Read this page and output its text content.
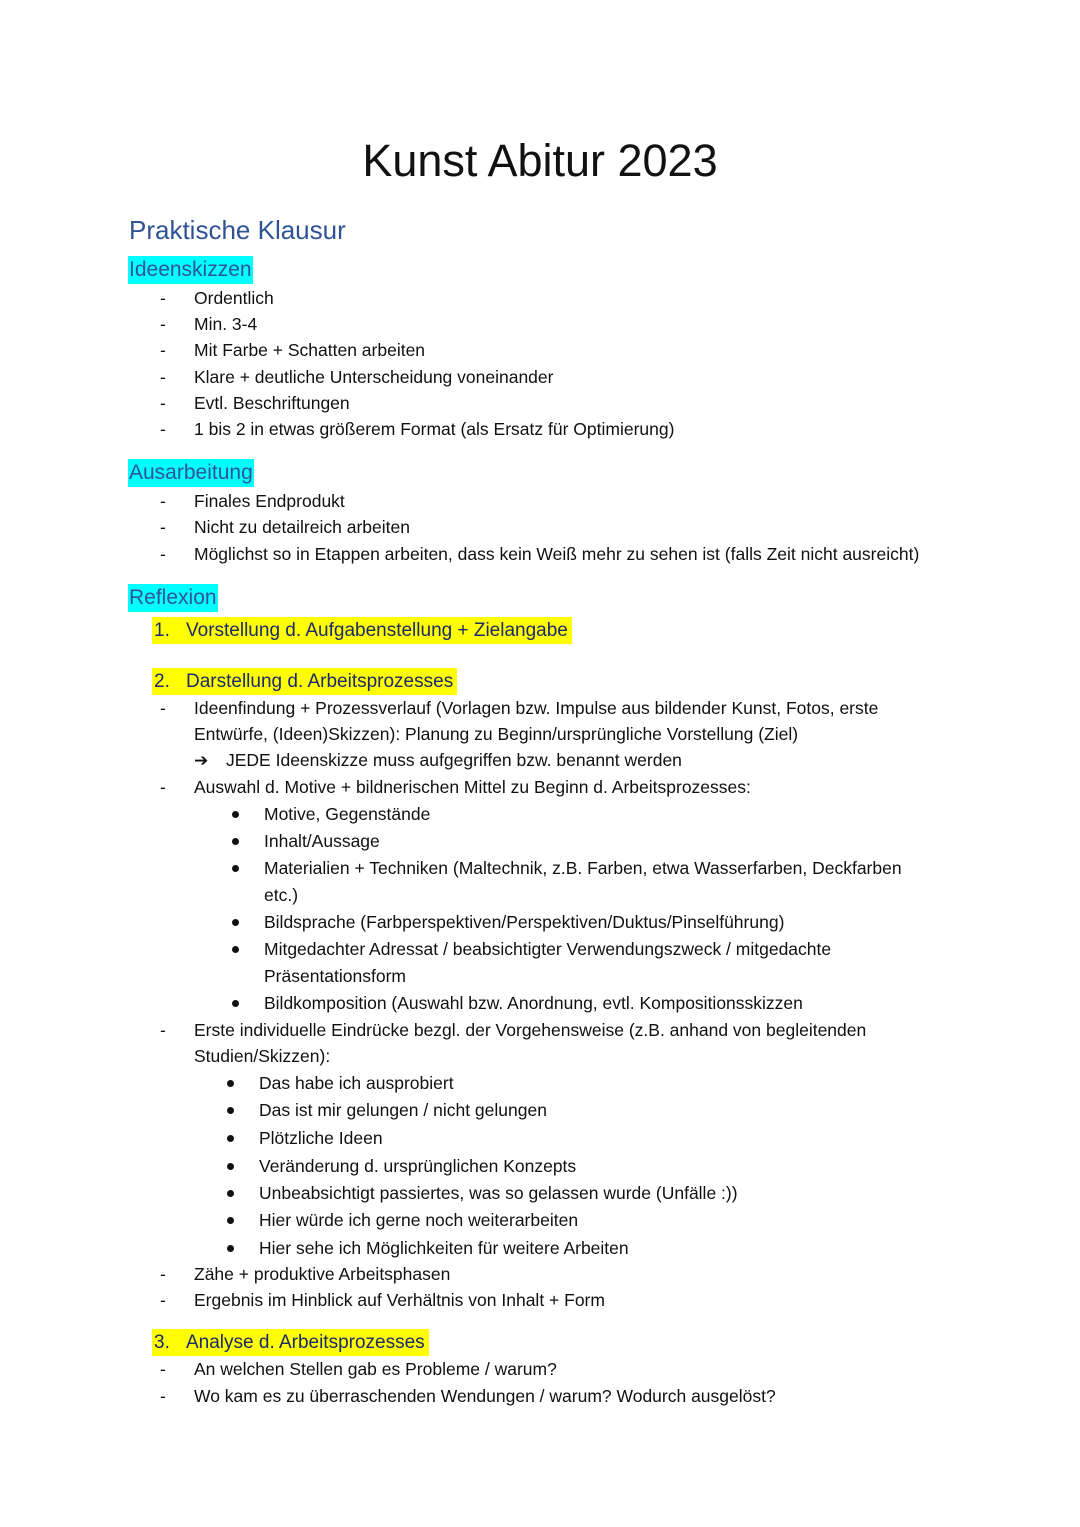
Kunst Abitur 2023
Praktische Klausur
Ideenskizzen
- Ordentlich
- Min. 3-4
- Mit Farbe + Schatten arbeiten
- Klare + deutliche Unterscheidung voneinander
- Evtl. Beschriftungen
- 1 bis 2 in etwas größerem Format (als Ersatz für Optimierung)
Ausarbeitung
- Finales Endprodukt
- Nicht zu detailreich arbeiten
- Möglichst so in Etappen arbeiten, dass kein Weiß mehr zu sehen ist (falls Zeit nicht ausreicht)
Reflexion
1. Vorstellung d. Aufgabenstellung + Zielangabe
2. Darstellung d. Arbeitsprozesses
- Ideenfindung + Prozessverlauf (Vorlagen bzw. Impulse aus bildender Kunst, Fotos, erste
Entwürfe, (Ideen)Skizzen): Planung zu Beginn/ursprüngliche Vorstellung (Ziel)
➔ JEDE Ideenskizze muss aufgegriffen bzw. benannt werden
- Auswahl d. Motive + bildnerischen Mittel zu Beginn d. Arbeitsprozesses:
Motive, Gegenstände
Inhalt/Aussage
Materialien + Techniken (Maltechnik, z.B. Farben, etwa Wasserfarben, Deckfarben
etc.)
Bildsprache (Farbperspektiven/Perspektiven/Duktus/Pinselführung)
Mitgedachter Adressat / beabsichtigter Verwendungszweck / mitgedachte
Präsentationsform
Bildkomposition (Auswahl bzw. Anordnung, evtl. Kompositionsskizzen
- Erste individuelle Eindrücke bezgl. der Vorgehensweise (z.B. anhand von begleitenden
Studien/Skizzen):
Das habe ich ausprobiert
Das ist mir gelungen / nicht gelungen
Plötzliche Ideen
Veränderung d. ursprünglichen Konzepts
Unbeabsichtigt passiertes, was so gelassen wurde (Unfälle :))
Hier würde ich gerne noch weiterarbeiten
Hier sehe ich Möglichkeiten für weitere Arbeiten
- Zähe + produktive Arbeitsphasen
- Ergebnis im Hinblick auf Verhältnis von Inhalt + Form
3. Analyse d. Arbeitsprozesses
- An welchen Stellen gab es Probleme / warum?
- Wo kam es zu überraschenden Wendungen / warum? Wodurch ausgelöst?
